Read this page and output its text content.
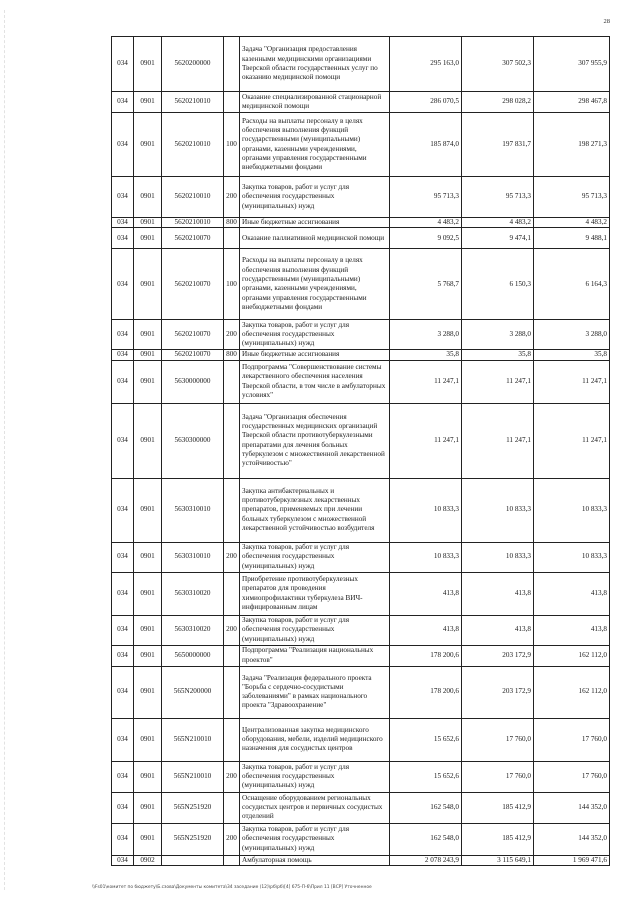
28
034	0901	5620200000		Задача "Организация предоставления казенными медицинскими организациями Тверской области государственных услуг по оказанию медицинской помощи	295 163,0	307 502,3	307 955,9
034	0901	5620210010		Оказание специализированной стационарной медицинской помощи	286 070,5	298 028,2	298 467,8
034	0901	5620210010	100	Расходы на выплаты персоналу в целях обеспечения выполнения функций государственными (муниципальными) органами, казенными учреждениями, органами управления государственными внебюджетными фондами	185 874,0	197 831,7	198 271,3
034	0901	5620210010	200	Закупка товаров, работ и услуг для обеспечения государственных (муниципальных) нужд	95 713,3	95 713,3	95 713,3
034	0901	5620210010	800	Иные бюджетные ассигнования	4 483,2	4 483,2	4 483,2
034	0901	5620210070		Оказание паллиативной медицинской помощи	9 092,5	9 474,1	9 488,1
034	0901	5620210070	100	Расходы на выплаты персоналу в целях обеспечения выполнения функций государственными (муниципальными) органами, казенными учреждениями, органами управления государственными внебюджетными фондами	5 768,7	6 150,3	6 164,3
034	0901	5620210070	200	Закупка товаров, работ и услуг для обеспечения государственных (муниципальных) нужд	3 288,0	3 288,0	3 288,0
034	0901	5620210070	800	Иные бюджетные ассигнования	35,8	35,8	35,8
034	0901	5630000000		Подпрограмма "Совершенствование системы лекарственного обеспечения населения Тверской области, в том числе в амбулаторных условиях"	11 247,1	11 247,1	11 247,1
034	0901	5630300000		Задача "Организация обеспечения государственных медицинских организаций Тверской области противотуберкулезными препаратами для лечения больных туберкулезом с множественной лекарственной устойчивостью"	11 247,1	11 247,1	11 247,1
034	0901	5630310010		Закупка антибактериальных и противотуберкулезных лекарственных препаратов, применяемых при лечении больных туберкулезом с множественной лекарственной устойчивостью возбудителя	10 833,3	10 833,3	10 833,3
034	0901	5630310010	200	Закупка товаров, работ и услуг для обеспечения государственных (муниципальных) нужд	10 833,3	10 833,3	10 833,3
034	0901	5630310020		Приобретение противотуберкулезных препаратов для проведения химиопрофилактики туберкулеза ВИЧ-инфицированным лицам	413,8	413,8	413,8
034	0901	5630310020	200	Закупка товаров, работ и услуг для обеспечения государственных (муниципальных) нужд	413,8	413,8	413,8
034	0901	5650000000		Подпрограмма "Реализация национальных проектов"	178 200,6	203 172,9	162 112,0
034	0901	565N200000		Задача "Реализация федерального проекта "Борьба с сердечно-сосудистыми заболеваниями" в рамках национального проекта "Здравоохранение"	178 200,6	203 172,9	162 112,0
034	0901	565N210010		Централизованная закупка медицинского оборудования, мебели, изделий медицинского назначения для сосудистых центров	15 652,6	17 760,0	17 760,0
034	0901	565N210010	200	Закупка товаров, работ и услуг для обеспечения государственных (муниципальных) нужд	15 652,6	17 760,0	17 760,0
034	0901	565N251920		Оснащение оборудованием региональных сосудистых центров и первичных сосудистых отделений	162 548,0	185 412,9	144 352,0
034	0901	565N251920	200	Закупка товаров, работ и услуг для обеспечения государственных (муниципальных) нужд	162 548,0	185 412,9	144 352,0
034	0902			Амбулаторная помощь	2 078 243,9	3 115 649,1	1 969 471,6
\\Fs01\комитет по бюджету\Б.сзова\Документы комитета\34 заседание (12)\рб\рб\[4] 675-П-6\Прил 11 [ВСР] Уточненное
